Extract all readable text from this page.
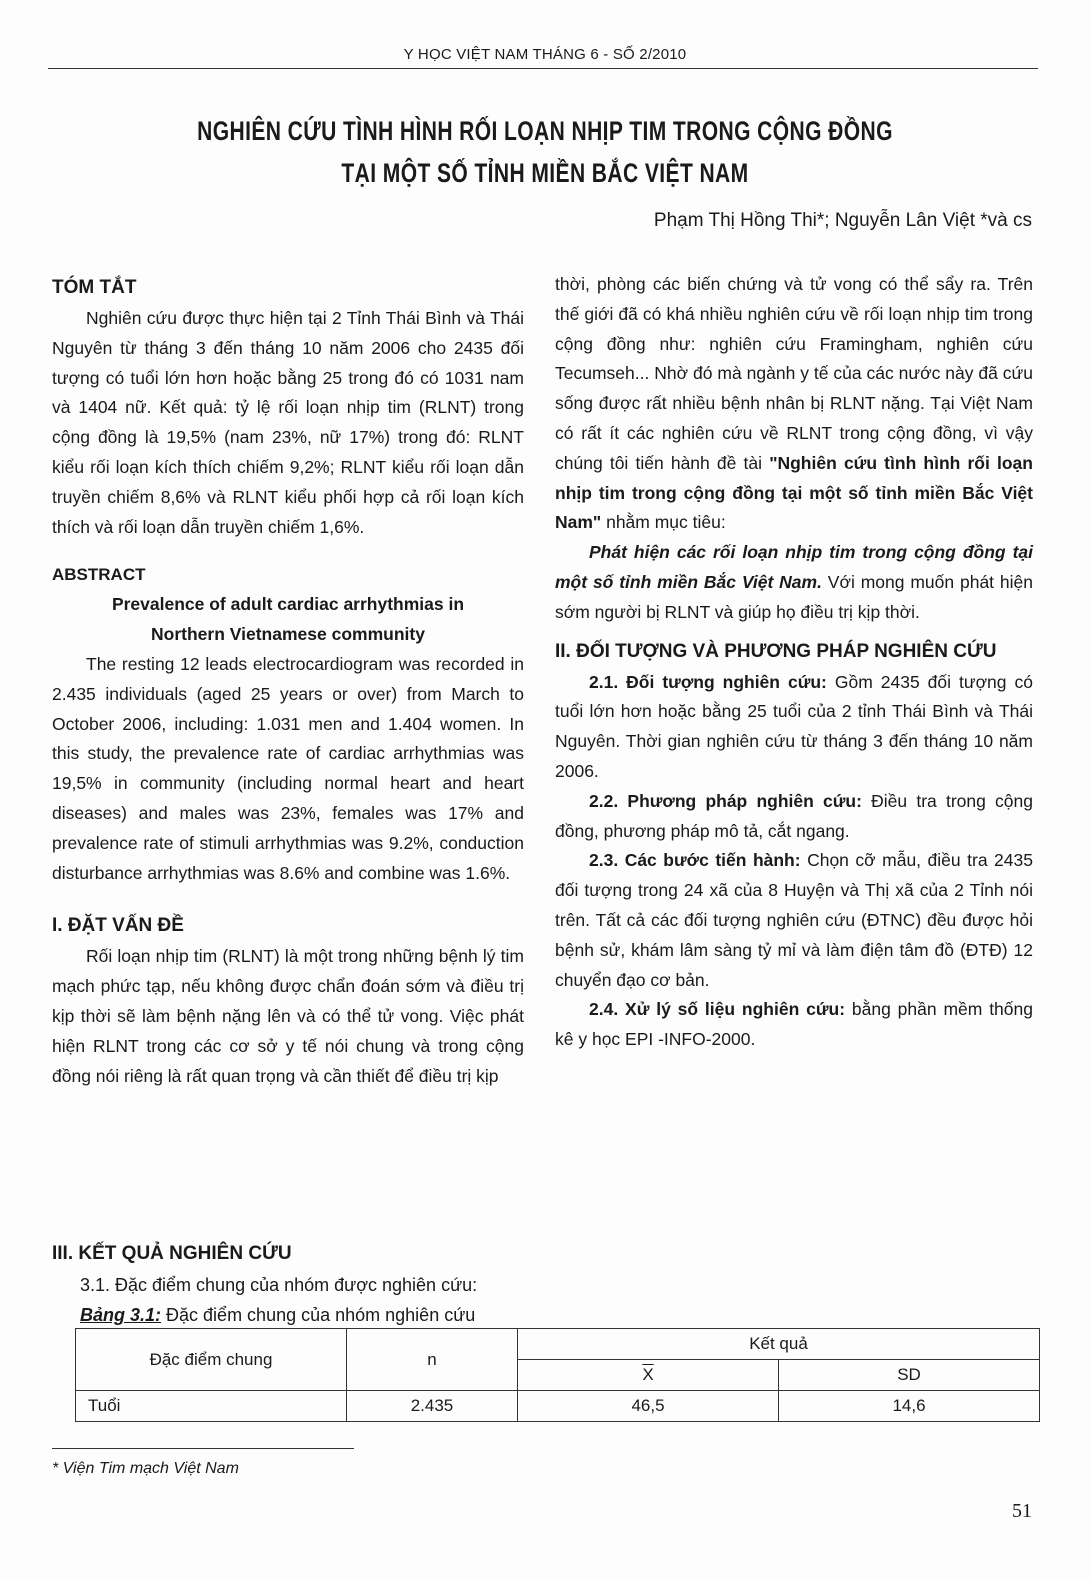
Y HỌC VIỆT NAM THÁNG 6 - SỐ 2/2010
NGHIÊN CỨU TÌNH HÌNH RỐI LOẠN NHỊP TIM TRONG CỘNG ĐỒNG
TẠI MỘT SỐ TỈNH MIỀN BẮC VIỆT NAM
Phạm Thị Hồng Thi*; Nguyễn Lân Việt *và cs
TÓM TẮT

Nghiên cứu được thực hiện tại 2 Tỉnh Thái Bình và Thái Nguyên từ tháng 3 đến tháng 10 năm 2006 cho 2435 đối tượng có tuổi lớn hơn hoặc bằng 25 trong đó có 1031 nam và 1404 nữ. Kết quả: tỷ lệ rối loạn nhịp tim (RLNT) trong cộng đồng là 19,5% (nam 23%, nữ 17%) trong đó: RLNT kiểu rối loạn kích thích chiếm 9,2%; RLNT kiểu rối loạn dẫn truyền chiếm 8,6% và RLNT kiểu phối hợp cả rối loạn kích thích và rối loạn dẫn truyền chiếm 1,6%.

ABSTRACT

Prevalence of adult cardiac arrhythmias in

Northern Vietnamese community

The resting 12 leads electrocardiogram was recorded in 2.435 individuals (aged 25 years or over) from March to October 2006, including: 1.031 men and 1.404 women. In this study, the prevalence rate of cardiac arrhythmias was 19,5% in community (including normal heart and heart diseases) and males was 23%, females was 17% and prevalence rate of stimuli arrhythmias was 9.2%, conduction disturbance arrhythmias was 8.6% and combine was 1.6%.

I. ĐẶT VẤN ĐỀ

Rối loạn nhịp tim (RLNT) là một trong những bệnh lý tim mạch phức tạp, nếu không được chẩn đoán sớm và điều trị kịp thời sẽ làm bệnh nặng lên và có thể tử vong. Việc phát hiện RLNT trong các cơ sở y tế nói chung và trong cộng đồng nói riêng là rất quan trọng và cần thiết để điều trị kịp

thời, phòng các biến chứng và tử vong có thể sẩy ra. Trên thế giới đã có khá nhiều nghiên cứu về rối loạn nhịp tim trong cộng đồng như: nghiên cứu Framingham, nghiên cứu Tecumseh... Nhờ đó mà ngành y tế của các nước này đã cứu sống được rất nhiều bệnh nhân bị RLNT nặng. Tại Việt Nam có rất ít các nghiên cứu về RLNT trong cộng đồng, vì vậy chúng tôi tiến hành đề tài "Nghiên cứu tình hình rối loạn nhịp tim trong cộng đồng tại một số tỉnh miền Bắc Việt Nam" nhằm mục tiêu:

Phát hiện các rối loạn nhịp tim trong cộng đồng tại một số tỉnh miền Bắc Việt Nam. Với mong muốn phát hiện sớm người bị RLNT và giúp họ điều trị kịp thời.

II. ĐỐI TƯỢNG VÀ PHƯƠNG PHÁP NGHIÊN CỨU

2.1. Đối tượng nghiên cứu: Gồm 2435 đối tượng có tuổi lớn hơn hoặc bằng 25 tuổi của 2 tỉnh Thái Bình và Thái Nguyên. Thời gian nghiên cứu từ tháng 3 đến tháng 10 năm 2006.

2.2. Phương pháp nghiên cứu: Điều tra trong cộng đồng, phương pháp mô tả, cắt ngang.

2.3. Các bước tiến hành: Chọn cỡ mẫu, điều tra 2435 đối tượng trong 24 xã của 8 Huyện và Thị xã của 2 Tỉnh nói trên. Tất cả các đối tượng nghiên cứu (ĐTNC) đều được hỏi bệnh sử, khám lâm sàng tỷ mỉ và làm điện tâm đồ (ĐTĐ) 12 chuyển đạo cơ bản.

2.4. Xử lý số liệu nghiên cứu: bằng phần mềm thống kê y học EPI -INFO-2000.

III. KẾT QUẢ NGHIÊN CỨU
3.1. Đặc điểm chung của nhóm được nghiên cứu:
Bảng 3.1: Đặc điểm chung của nhóm nghiên cứu
Đặc điểm chung	n	Kết quả	
		$\overline{X}$	SD
Tuổi	2.435	46,5	14,6
* Viện Tim mạch Việt Nam
51
